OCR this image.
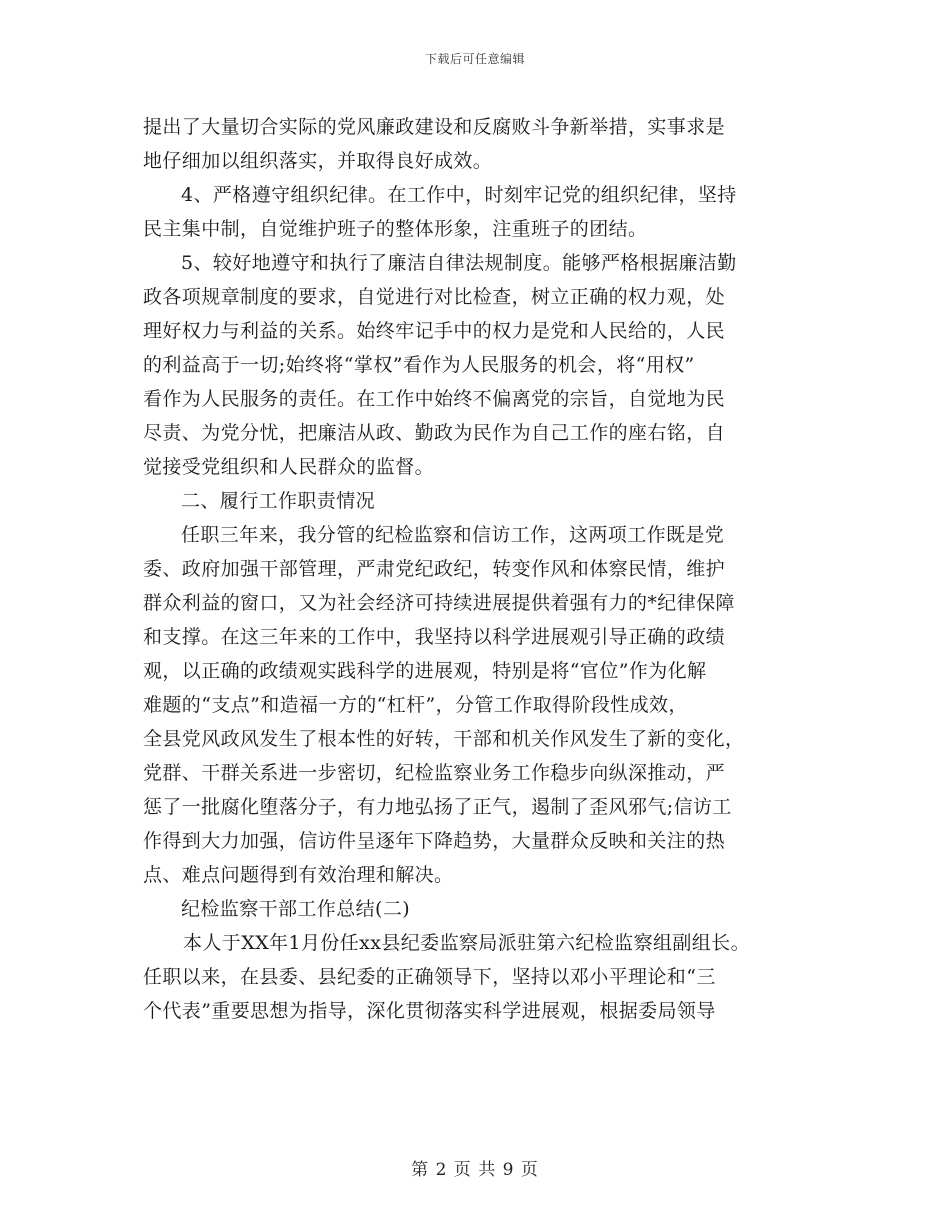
下载后可任意编辑
提出了大量切合实际的党风廉政建设和反腐败斗争新举措，实事求是
地仔细加以组织落实，并取得良好成效。
4、严格遵守组织纪律。在工作中，时刻牢记党的组织纪律，坚持
民主集中制，自觉维护班子的整体形象，注重班子的团结。
5、较好地遵守和执行了廉洁自律法规制度。能够严格根据廉洁勤
政各项规章制度的要求，自觉进行对比检查，树立正确的权力观，处
理好权力与利益的关系。始终牢记手中的权力是党和人民给的，人民
的利益高于一切;始终将“掌权”看作为人民服务的机会，将“用权”
看作为人民服务的责任。在工作中始终不偏离党的宗旨，自觉地为民
尽责、为党分忧，把廉洁从政、勤政为民作为自己工作的座右铭，自
觉接受党组织和人民群众的监督。
二、履行工作职责情况
任职三年来，我分管的纪检监察和信访工作，这两项工作既是党
委、政府加强干部管理，严肃党纪政纪，转变作风和体察民情，维护
群众利益的窗口，又为社会经济可持续进展提供着强有力的*纪律保障
和支撑。在这三年来的工作中，我坚持以科学进展观引导正确的政绩
观，以正确的政绩观实践科学的进展观，特别是将“官位”作为化解
难题的“支点”和造福一方的“杠杆”，分管工作取得阶段性成效，
全县党风政风发生了根本性的好转，干部和机关作风发生了新的变化，
党群、干群关系进一步密切，纪检监察业务工作稳步向纵深推动，严
惩了一批腐化堕落分子，有力地弘扬了正气，遏制了歪风邪气;信访工
作得到大力加强，信访件呈逐年下降趋势，大量群众反映和关注的热
点、难点问题得到有效治理和解决。
纪检监察干部工作总结(二)
本人于XX年1月份任xx县纪委监察局派驻第六纪检监察组副组长。
任职以来，在县委、县纪委的正确领导下，坚持以邓小平理论和“三
个代表”重要思想为指导，深化贯彻落实科学进展观，根据委局领导
第 2 页 共 9 页
